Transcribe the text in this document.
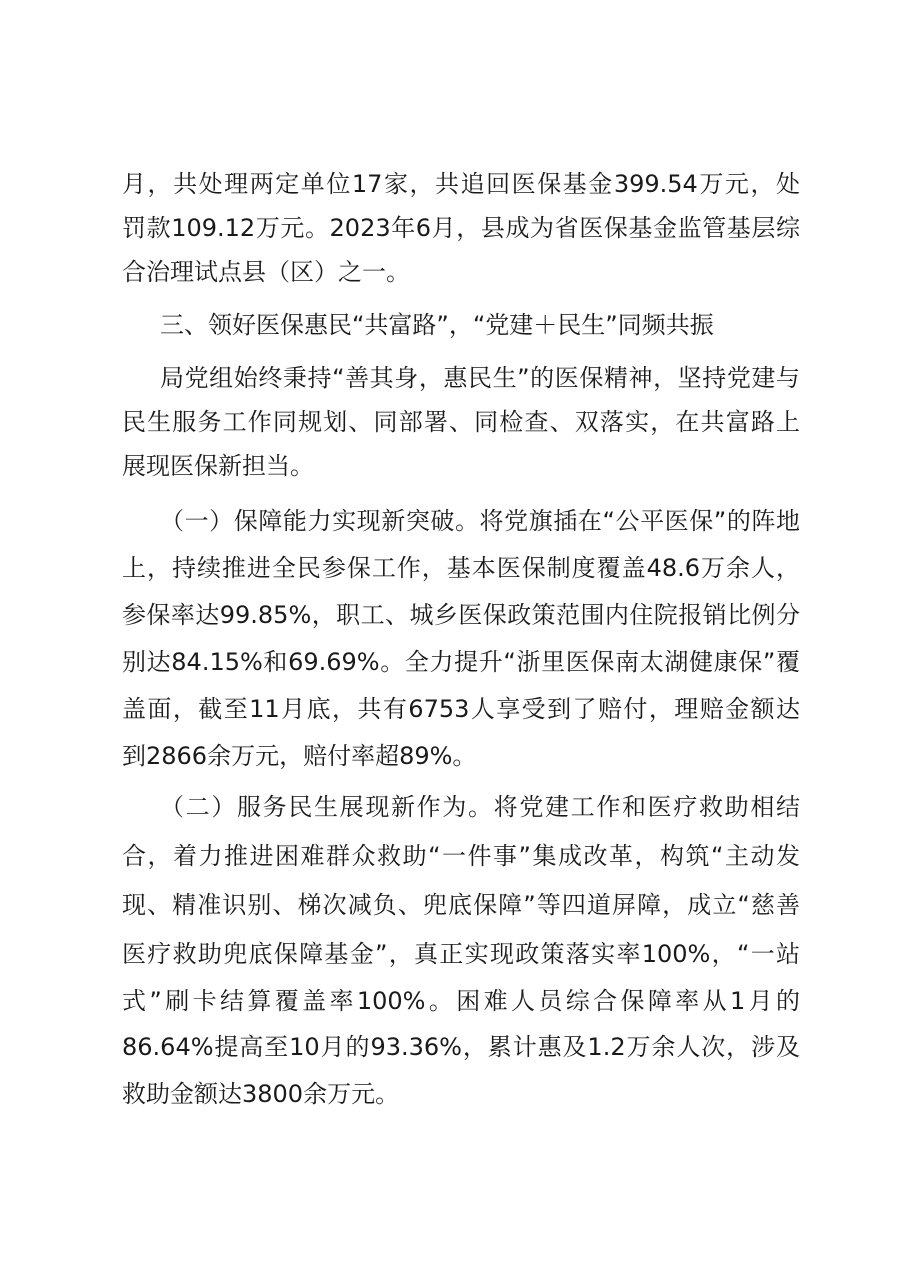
月，共处理两定单位17家，共追回医保基金399.54万元，处
罚款109.12万元。2023年6月，县成为省医保基金监管基层综
合治理试点县（区）之一。
三、领好医保惠民“共富路”，“党建＋民生”同频共振
局党组始终秉持“善其身，惠民生”的医保精神，坚持党建与
民生服务工作同规划、同部署、同检查、双落实，在共富路上
展现医保新担当。
（一）保障能力实现新突破。将党旗插在“公平医保”的阵地
上，持续推进全民参保工作，基本医保制度覆盖48.6万余人，
参保率达99.85%，职工、城乡医保政策范围内住院报销比例分
别达84.15%和69.69%。全力提升“浙里医保南太湖健康保”覆
盖面，截至11月底，共有6753人享受到了赔付，理赔金额达
到2866余万元，赔付率超89%。
（二）服务民生展现新作为。将党建工作和医疗救助相结
合，着力推进困难群众救助“一件事”集成改革，构筑“主动发
现、精准识别、梯次减负、兜底保障”等四道屏障，成立“慈善
医疗救助兜底保障基金”，真正实现政策落实率100%，“一站
式”刷卡结算覆盖率100%。困难人员综合保障率从1月的
86.64%提高至10月的93.36%，累计惠及1.2万余人次，涉及
救助金额达3800余万元。
